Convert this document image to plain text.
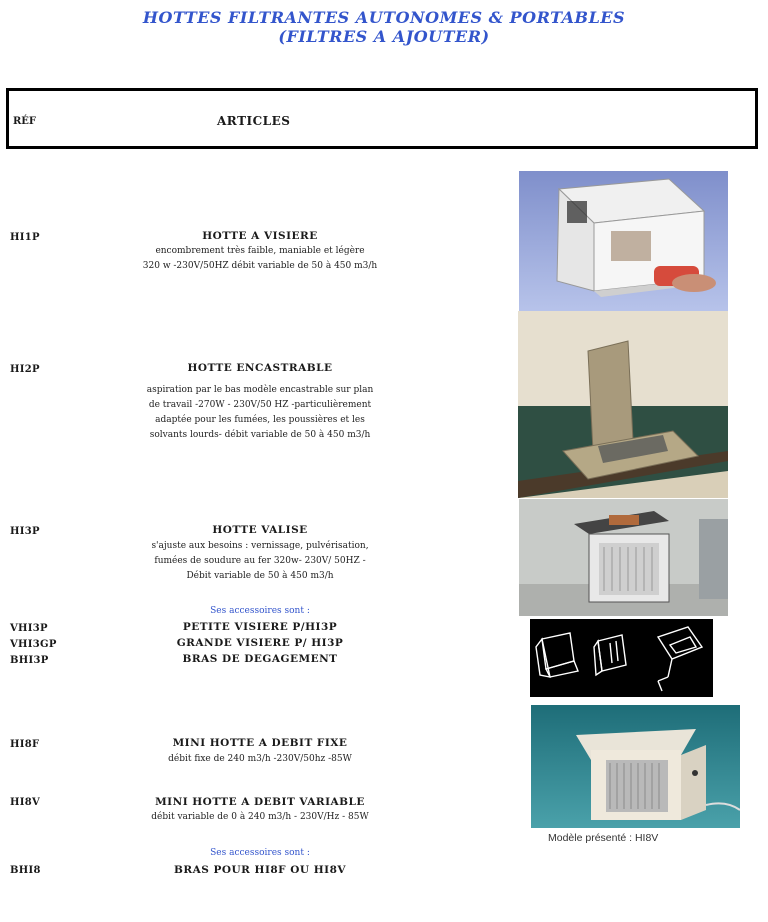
HOTTES FILTRANTES AUTONOMES & PORTABLES
(FILTRES A AJOUTER)
RÉF	ARTICLES
HI1P	HOTTE A VISIERE
encombrement très faible, maniable et légère
320 w -230V/50HZ débit variable de 50 à 450 m3/h
HI2P	HOTTE ENCASTRABLE
aspiration par le bas modèle encastrable sur plan
de travail -270W - 230V/50 HZ -particulièrement
adaptée pour les fumées, les poussières et les
solvants lourds- débit variable de 50 à 450 m3/h
HI3P	HOTTE VALISE
s'ajuste aux besoins : vernissage, pulvérisation,
fumées de soudure au fer 320w- 230V/ 50HZ -
Débit variable de 50 à 450 m3/h
Ses accessoires sont :
VHI3P	PETITE VISIERE P/HI3P
VHI3GP	GRANDE VISIERE P/ HI3P
BHI3P	BRAS DE DEGAGEMENT
HI8F	MINI HOTTE A DEBIT FIXE
débit fixe de 240 m3/h -230V/50hz -85W
HI8V	MINI HOTTE A DEBIT VARIABLE
débit variable de 0 à 240 m3/h - 230V/Hz - 85W
Ses accessoires sont :
BHI8	BRAS POUR HI8F OU HI8V
Modèle présenté : HI8V
